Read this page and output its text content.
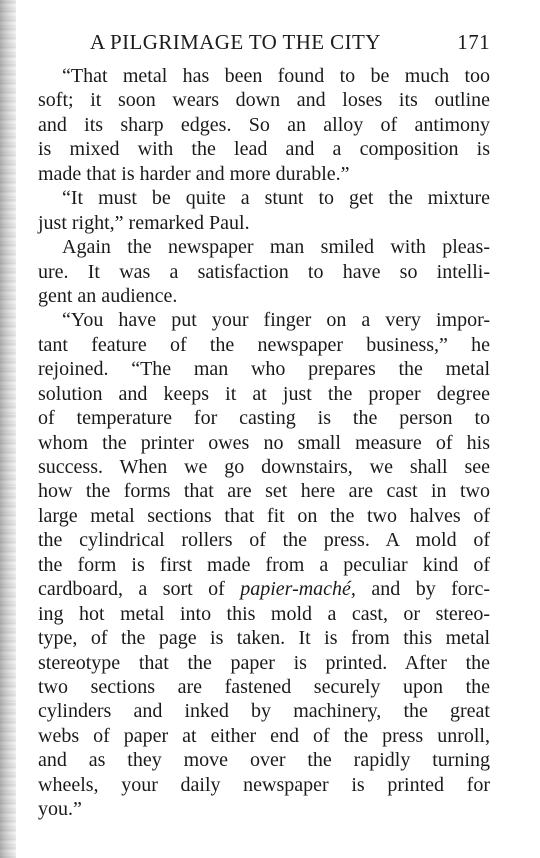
A PILGRIMAGE TO THE CITY	171
“That metal has been found to be much too
soft; it soon wears down and loses its outline
and its sharp edges. So an alloy of antimony
is mixed with the lead and a composition is
made that is harder and more durable.”
“It must be quite a stunt to get the mixture
just right,” remarked Paul.
Again the newspaper man smiled with pleas-
ure. It was a satisfaction to have so intelli-
gent an audience.
“You have put your finger on a very impor-
tant feature of the newspaper business,” he
rejoined. “The man who prepares the metal
solution and keeps it at just the proper degree
of temperature for casting is the person to
whom the printer owes no small measure of his
success. When we go downstairs, we shall see
how the forms that are set here are cast in two
large metal sections that fit on the two halves of
the cylindrical rollers of the press. A mold of
the form is first made from a peculiar kind of
cardboard, a sort of papier-maché, and by forc-
ing hot metal into this mold a cast, or stereo-
type, of the page is taken. It is from this metal
stereotype that the paper is printed. After the
two sections are fastened securely upon the
cylinders and inked by machinery, the great
webs of paper at either end of the press unroll,
and as they move over the rapidly turning
wheels, your daily newspaper is printed for
you.”
